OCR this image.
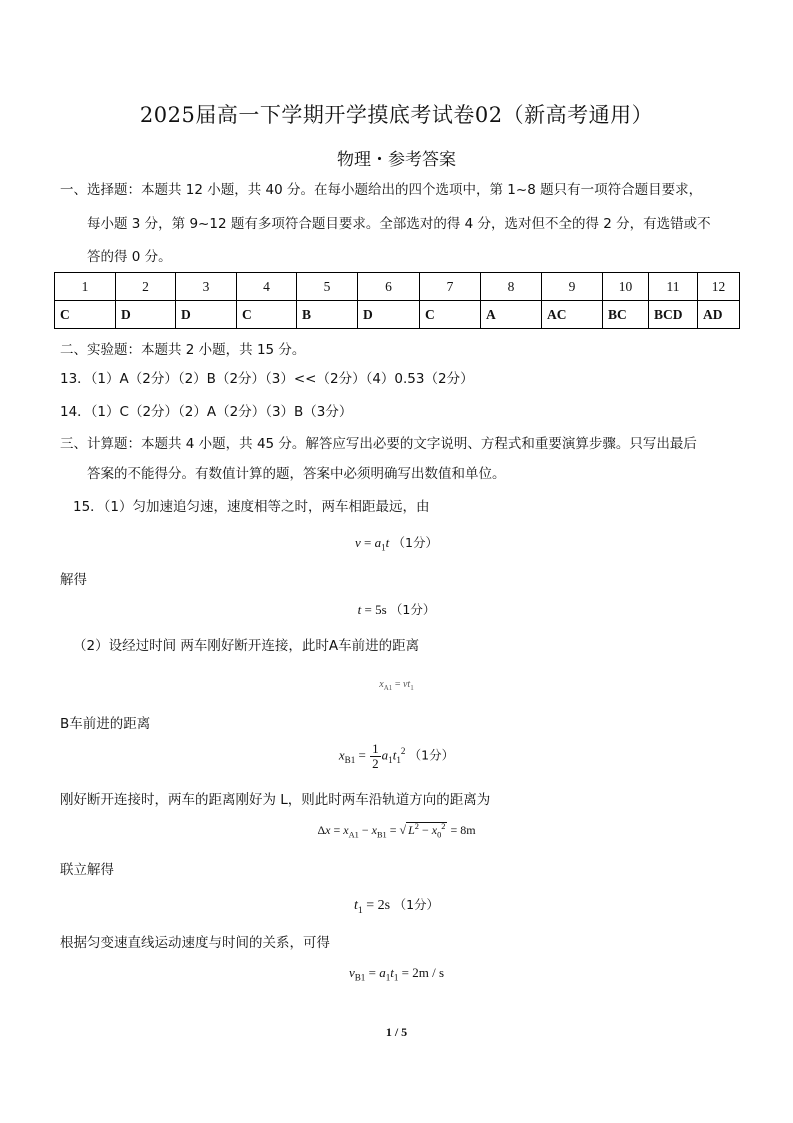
2025届高一下学期开学摸底考试卷02（新高考通用）
物理・参考答案
一、选择题：本题共 12 小题，共 40 分。在每小题给出的四个选项中，第 1~8 题只有一项符合题目要求，
每小题 3 分，第 9~12 题有多项符合题目要求。全部选对的得 4 分，选对但不全的得 2 分，有选错或不
答的得 0 分。
1	2	3	4	5	6	7	8	9	10	11	12
C	D	D	C	B	D	C	A	AC	BC	BCD	AD
二、实验题：本题共 2 小题，共 15 分。
13．（1）A（2分）（2）B（2分）（3）<<（2分）（4）0.53（2分）
14．（1）C（2分）（2）A（2分）（3）B（3分）
三、计算题：本题共 4 小题，共 45 分。解答应写出必要的文字说明、方程式和重要演算步骤。只写出最后
答案的不能得分。有数值计算的题，答案中必须明确写出数值和单位。
15．（1）匀加速追匀速，速度相等之时，两车相距最远，由
$v = a_1t$ （1分）
解得
t = 5s （1分）
（2）设经过时间 两车刚好断开连接，此时A车前进的距离
$x_{A1} = vt_1$
B车前进的距离
$x_{B1} = \frac{1}{2} a_1t_1^2$ （1分）
刚好断开连接时，两车的距离刚好为 L，则此时两车沿轨道方向的距离为
$\Delta x = x_{A1} - x_{B1}$ = √ $L^2 - x_0^2 = 8m$
联立解得
$t_1 = 2s$ （1分）
根据匀变速直线运动速度与时间的关系，可得
$v_{B1} = a_1t_1 = 2m / s$
1 / 5
